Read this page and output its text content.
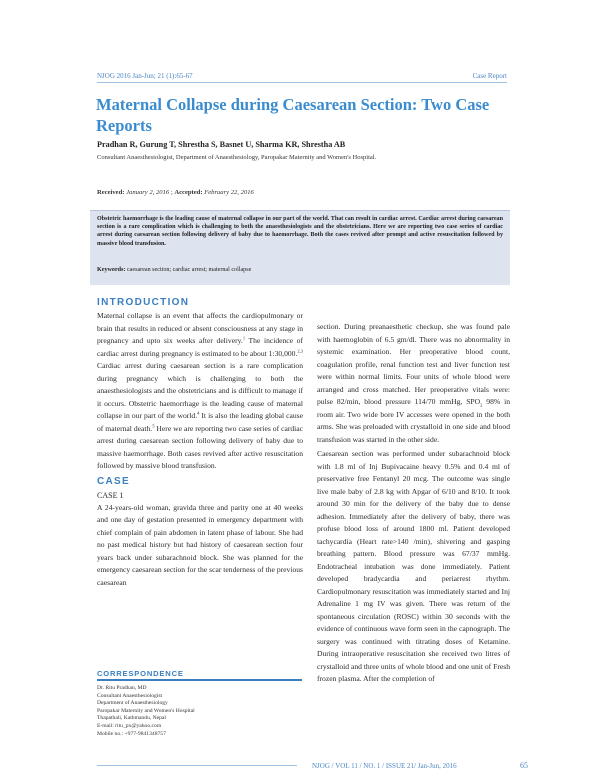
NJOG 2016 Jan-Jun; 21 (1):65-67	Case Report
Maternal Collapse during Caesarean Section: Two Case Reports
Pradhan R, Gurung T, Shrestha S, Basnet U, Sharma KR, Shrestha AB
Consultant Anaesthesiologist, Department of Anaesthesiology, Paropakar Maternity and Women's Hospital.
Received: January 2, 2016 ; Accepted: February 22, 2016

Obstetric haemorrhage is the leading cause of maternal collapse in our part of the world. That can result in cardiac arrest. Cardiac arrest during caesarean section is a rare complication which is challenging to both the anaesthesiologists and the obstetricians. Here we are reporting two case series of cardiac arrest during caesarean section following delivery of baby due to haemorrhage. Both the cases revived after prompt and active resuscitation followed by massive blood transfusion.

Keywords: caesarean section; cardiac arrest; maternal collapse
INTRODUCTION

Maternal collapse is an event that affects the cardiopulmonary or brain that results in reduced or absent consciousness at any stage in pregnancy and upto six weeks after delivery.$^1$ The incidence of cardiac arrest during pregnancy is estimated to be about 1:30,000.$^{2,3}$ Cardiac arrest during caesarean section is a rare complication during pregnancy which is challenging to both the anaesthesiologists and the obstetricians and is difficult to manage if it occurs. Obstetric haemorrhage is the leading cause of maternal collapse in our part of the world.$^4$ It is also the leading global cause of maternal death.$^5$ Here we are reporting two case series of cardiac arrest during caesarean section following delivery of baby due to massive haemorrhage. Both cases revived after active resuscitation followed by massive blood transfusion.

CASE
CASE 1

A 24-years-old woman, gravida three and parity one at 40 weeks and one day of gestation presented in emergency department with chief complain of pain abdomen in latent phase of labour. She had no past medical history but had history of caesarean section four years back under subarachnoid block. She was planned for the emergency caesarean section for the scar tenderness of the previous caesarean

section. During preanaesthetic checkup, she was found pale with haemoglobin of 6.5 gm/dl. There was no abnormality in systemic examination. Her preoperative blood count, coagulation profile, renal function test and liver function test were within normal limits. Four units of whole blood were arranged and cross matched. Her preoperative vitals were: pulse 82/min, blood pressure 114/70 mmHg, $SPO_2$ 98% in room air. Two wide bore IV accesses were opened in the both arms. She was preloaded with crystalloid in one side and blood transfusion was started in the other side.

Caesarean section was performed under subarachnoid block with 1.8 ml of Inj Bupivacaine heavy 0.5% and 0.4 ml of preservative free Fentanyl 20 mcg. The outcome was single live male baby of 2.8 kg with Apgar of 6/10 and 8/10. It took around 30 min for the delivery of the baby due to dense adhesion. Immediately after the delivery of baby, there was profuse blood loss of around 1800 ml. Patient developed tachycardia (Heart rate>140 /min), shivering and gasping breathing pattern. Blood pressure was 67/37 mmHg. Endotracheal intubation was done immediately. Patient developed bradycardia and periarrest rhythm. Cardiopulmonary resuscitation was immediately started and Inj Adrenaline 1 mg IV was given. There was return of the spontaneous circulation (ROSC) within 30 seconds with the evidence of continuous wave form seen in the capnograph. The surgery was continued with titrating doses of Ketamine. During intraoperative resuscitation she received two litres of crystalloid and three units of whole blood and one unit of Fresh frozen plasma. After the completion of

CORRESPONDENCE

Dr. Ritu Pradhan, MD

Consultant Anaesthesiologist

Department of Anaesthesiology

Paropakar Maternity and Women's Hospital

Thapathali, Kathmandu, Nepal

E-mail: ritu_px@yahoo.com

Mobile no.: +977-9841348757

NJOG / VOL 11 / NO. 1 / ISSUE 21/ Jan-Jun, 2016	65
